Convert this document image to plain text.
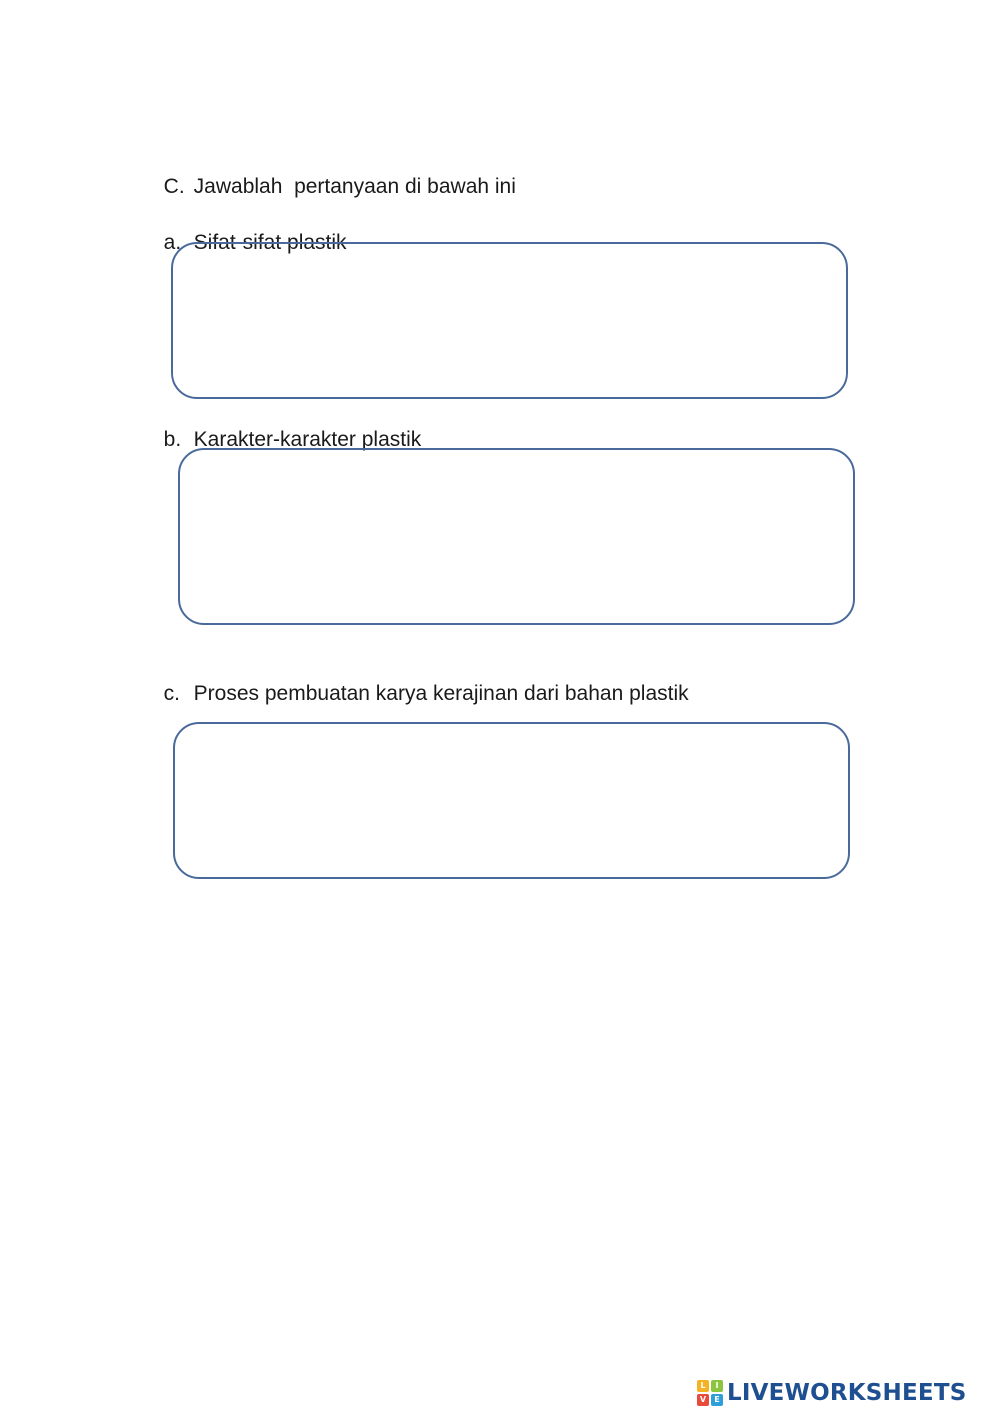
C. Jawablah  pertanyaan di bawah ini

a. Sifat-sifat plastik

b. Karakter-karakter plastik

c. Proses pembuatan karya kerajinan dari bahan plastik

L	I
V	E LIVEWORKSHEETS
